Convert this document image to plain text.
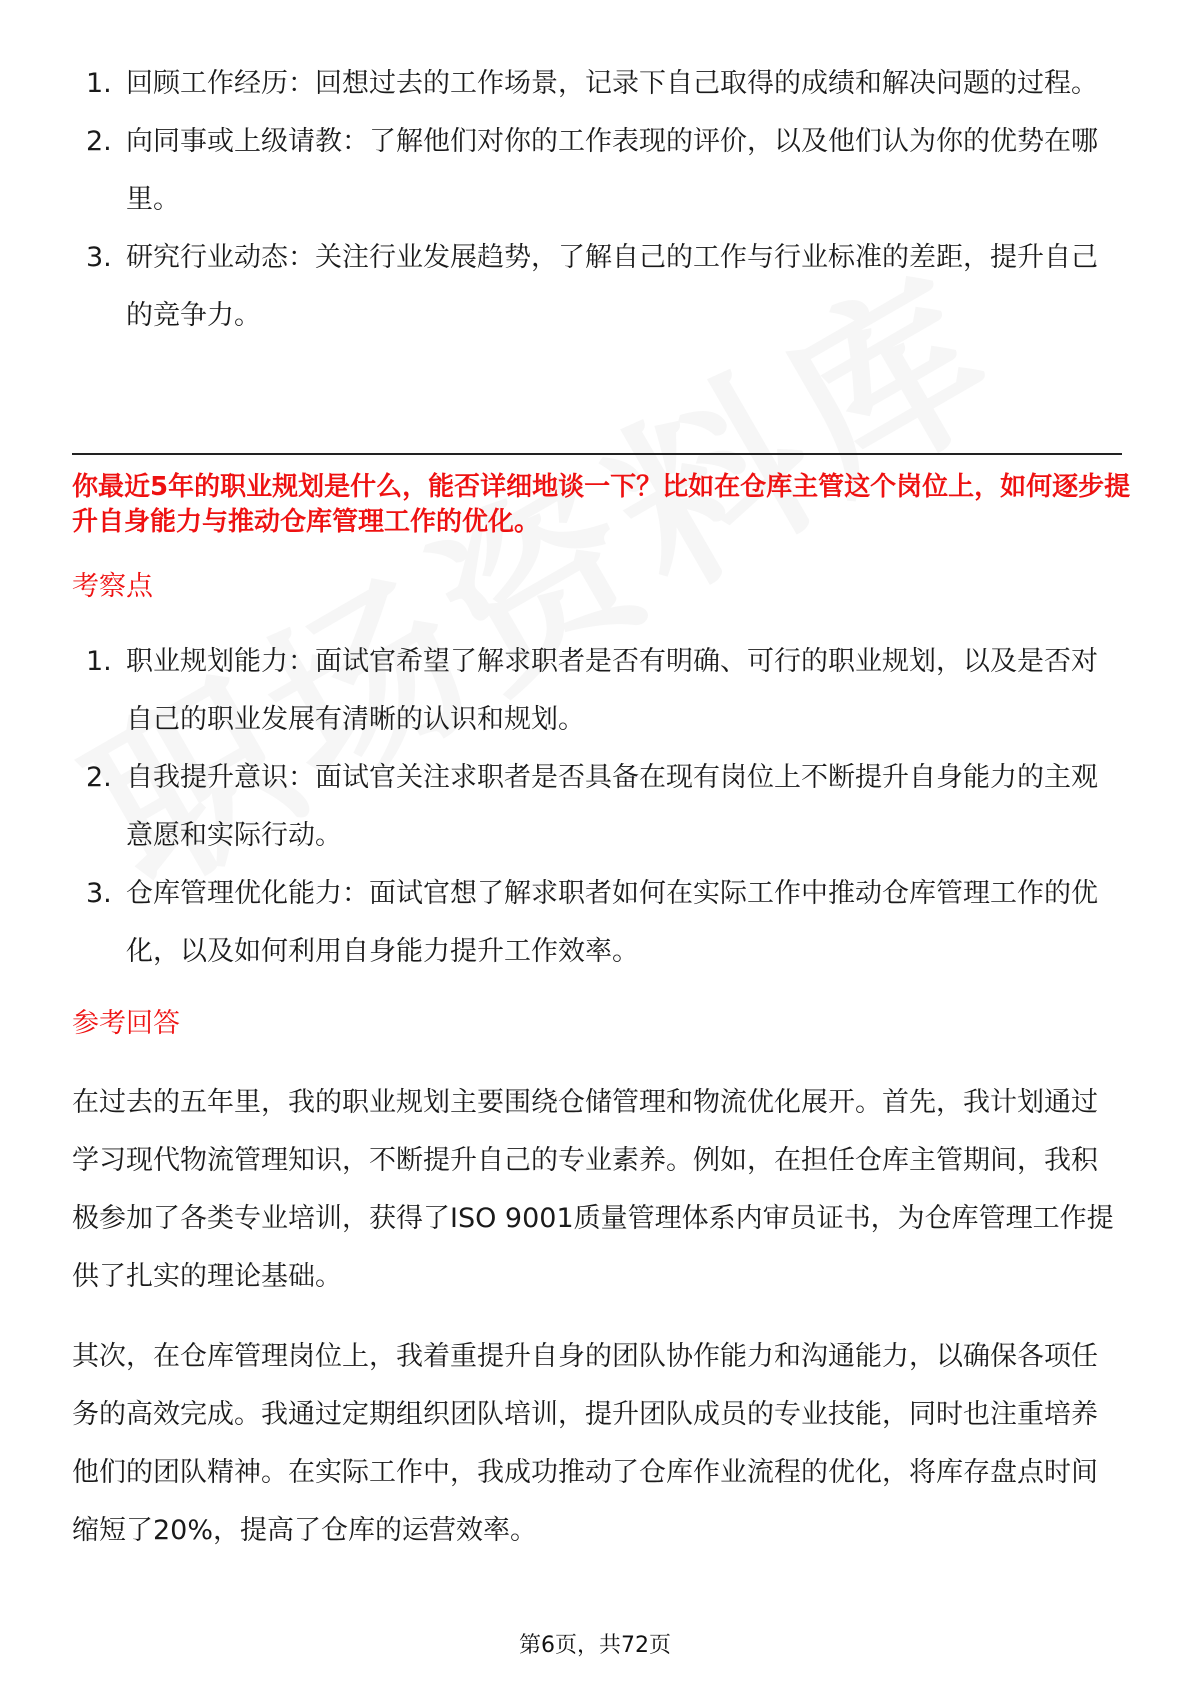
1. 回顾工作经历：回想过去的工作场景，记录下自己取得的成绩和解决问题的过程。
2. 向同事或上级请教：了解他们对你的工作表现的评价，以及他们认为你的优势在哪里。
3. 研究行业动态：关注行业发展趋势，了解自己的工作与行业标准的差距，提升自己的竞争力。
你最近5年的职业规划是什么，能否详细地谈一下？比如在仓库主管这个岗位上，如何逐步提升自身能力与推动仓库管理工作的优化。
考察点
1. 职业规划能力：面试官希望了解求职者是否有明确、可行的职业规划，以及是否对自己的职业发展有清晰的认识和规划。
2. 自我提升意识：面试官关注求职者是否具备在现有岗位上不断提升自身能力的主观意愿和实际行动。
3. 仓库管理优化能力：面试官想了解求职者如何在实际工作中推动仓库管理工作的优化，以及如何利用自身能力提升工作效率。
参考回答

在过去的五年里，我的职业规划主要围绕仓储管理和物流优化展开。首先，我计划通过学习现代物流管理知识，不断提升自己的专业素养。例如，在担任仓库主管期间，我积极参加了各类专业培训，获得了ISO 9001质量管理体系内审员证书，为仓库管理工作提供了扎实的理论基础。

其次，在仓库管理岗位上，我着重提升自身的团队协作能力和沟通能力，以确保各项任务的高效完成。我通过定期组织团队培训，提升团队成员的专业技能，同时也注重培养他们的团队精神。在实际工作中，我成功推动了仓库作业流程的优化，将库存盘点时间缩短了20%，提高了仓库的运营效率。

第6页，共72页
